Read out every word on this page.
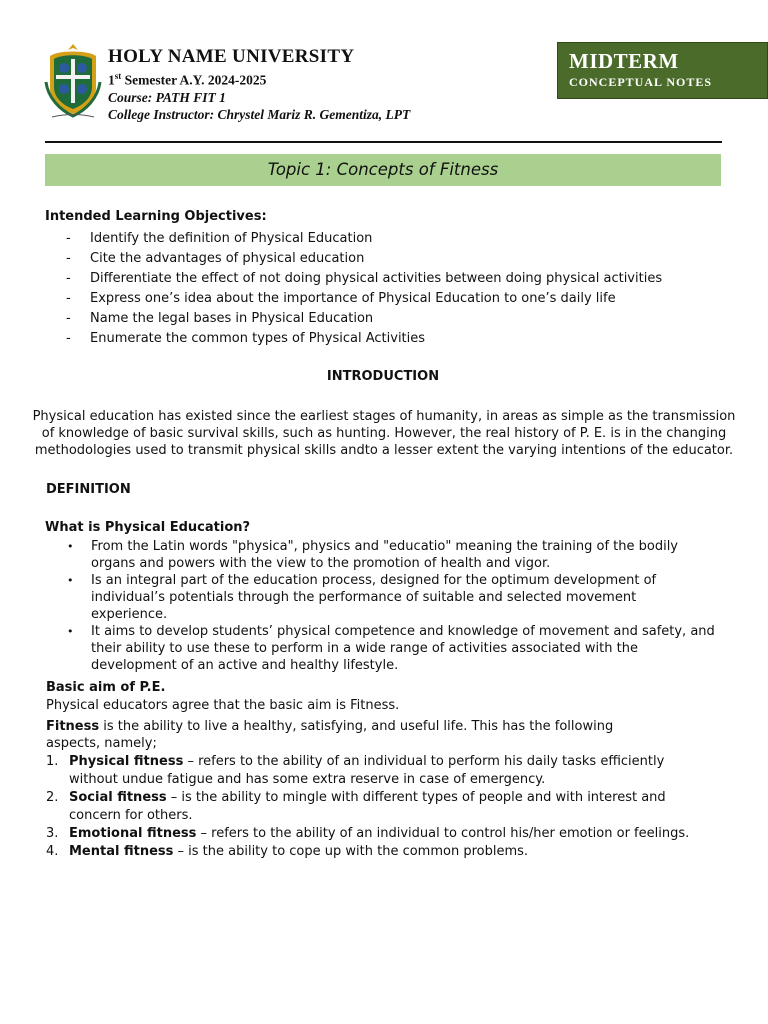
HOLY NAME UNIVERSITY
1st Semester A.Y. 2024-2025
Course: PATH FIT 1
College Instructor: Chrystel Mariz R. Gementiza, LPT
MIDTERM
CONCEPTUAL NOTES
Topic 1: Concepts of Fitness
Intended Learning Objectives:
- Identify the definition of Physical Education
- Cite the advantages of physical education
- Differentiate the effect of not doing physical activities between doing physical activities
- Express one’s idea about the importance of Physical Education to one’s daily life
- Name the legal bases in Physical Education
- Enumerate the common types of Physical Activities
INTRODUCTION
Physical education has existed since the earliest stages of humanity, in areas as simple as the transmission
of knowledge of basic survival skills, such as hunting. However, the real history of P. E. is in the changing
methodologies used to transmit physical skills andto a lesser extent the varying intentions of the educator.
DEFINITION
What is Physical Education?
• From the Latin words "physica", physics and "educatio" meaning the training of the bodily organs and powers with the view to the promotion of health and vigor.
• Is an integral part of the education process, designed for the optimum development of individual’s potentials through the performance of suitable and selected movement experience.
• It aims to develop students’ physical competence and knowledge of movement and safety, and their ability to use these to perform in a wide range of activities associated with the development of an active and healthy lifestyle.
Basic aim of P.E.
Physical educators agree that the basic aim is Fitness.
Fitness is the ability to live a healthy, satisfying, and useful life. This has the following aspects, namely;
1. Physical fitness – refers to the ability of an individual to perform his daily tasks efficiently without undue fatigue and has some extra reserve in case of emergency.
2. Social fitness – is the ability to mingle with different types of people and with interest and concern for others.
3. Emotional fitness – refers to the ability of an individual to control his/her emotion or feelings.
4. Mental fitness – is the ability to cope up with the common problems.
